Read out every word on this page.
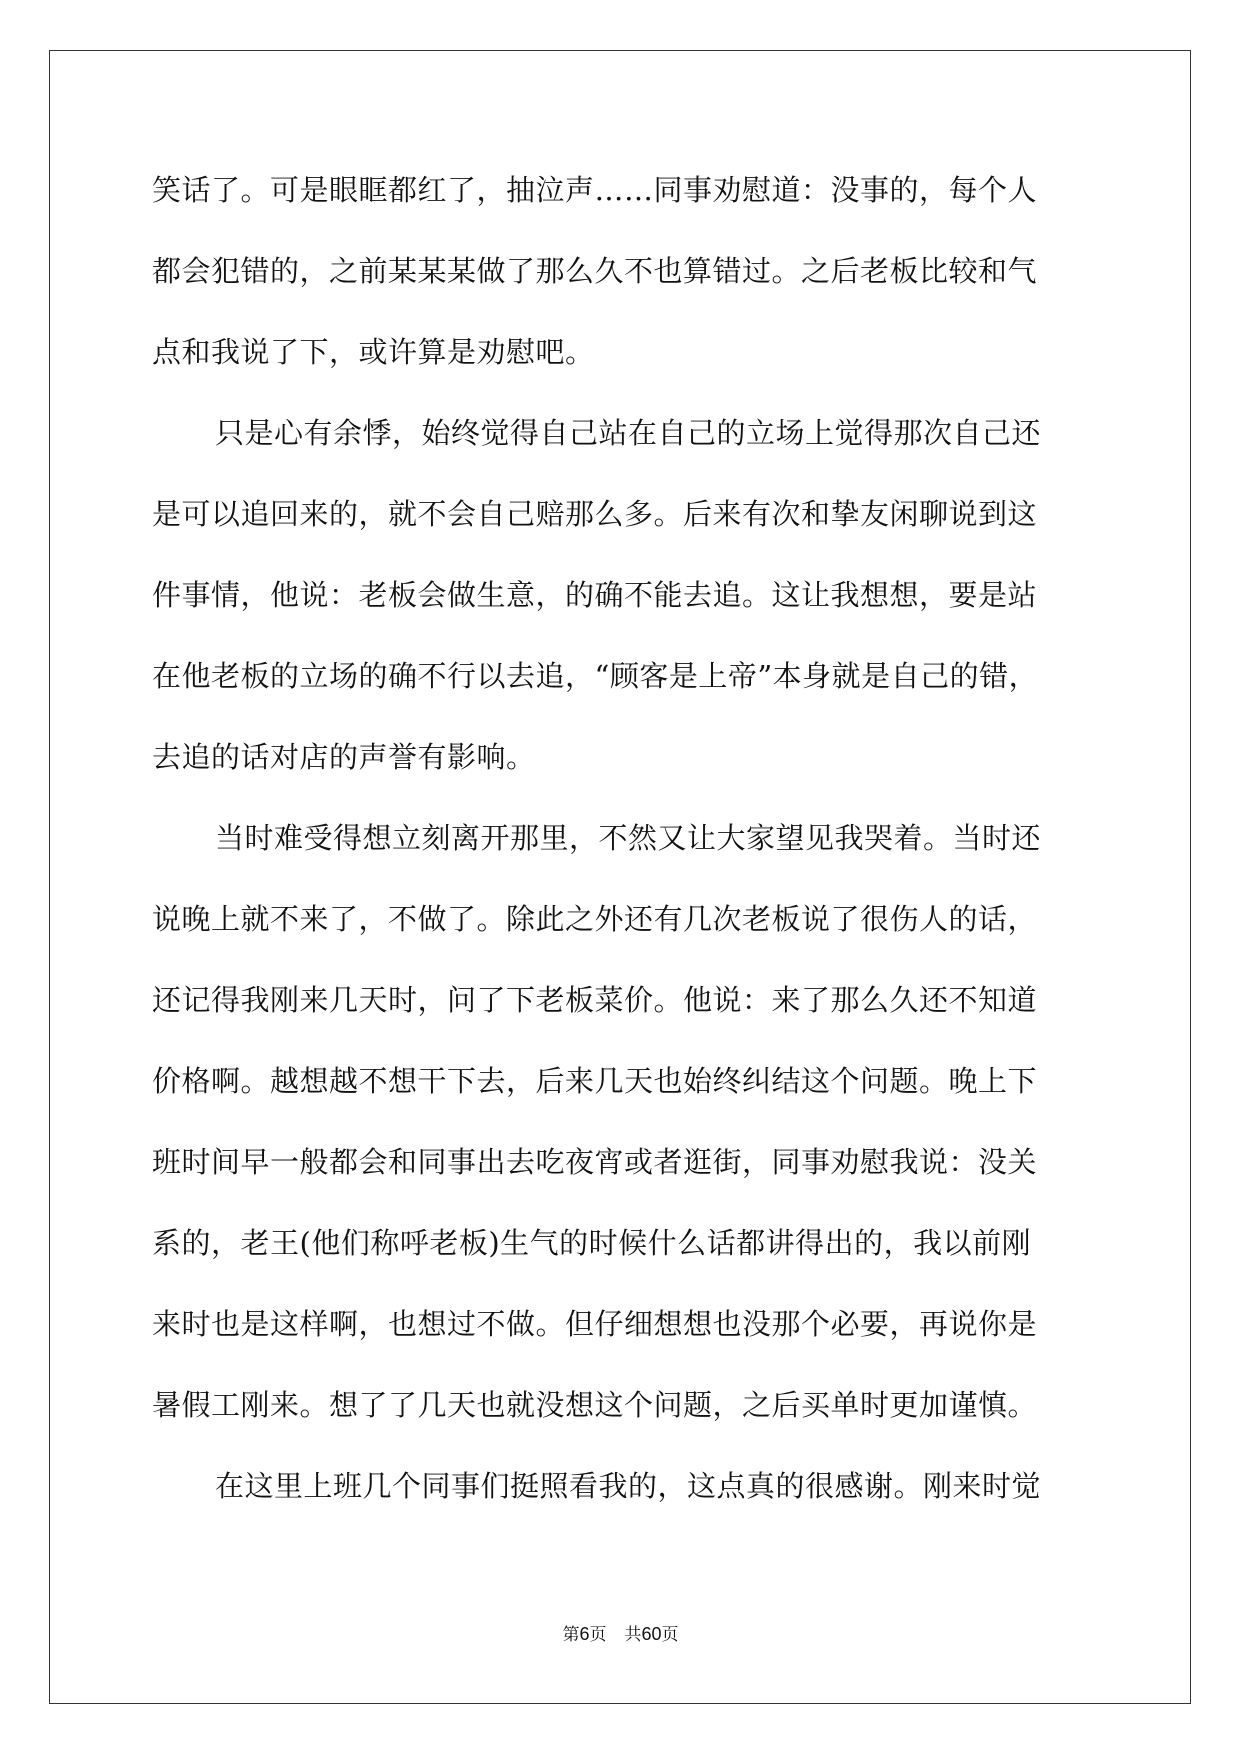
笑话了。可是眼眶都红了，抽泣声……同事劝慰道：没事的，每个人
都会犯错的，之前某某某做了那么久不也算错过。之后老板比较和气
点和我说了下，或许算是劝慰吧。
只是心有余悸，始终觉得自己站在自己的立场上觉得那次自己还
是可以追回来的，就不会自己赔那么多。后来有次和挚友闲聊说到这
件事情，他说：老板会做生意，的确不能去追。这让我想想，要是站
在他老板的立场的确不行以去追，“顾客是上帝”本身就是自己的错，
去追的话对店的声誉有影响。
当时难受得想立刻离开那里，不然又让大家望见我哭着。当时还
说晚上就不来了，不做了。除此之外还有几次老板说了很伤人的话，
还记得我刚来几天时，问了下老板菜价。他说：来了那么久还不知道
价格啊。越想越不想干下去，后来几天也始终纠结这个问题。晚上下
班时间早一般都会和同事出去吃夜宵或者逛街，同事劝慰我说：没关
系的，老王(他们称呼老板)生气的时候什么话都讲得出的，我以前刚
来时也是这样啊，也想过不做。但仔细想想也没那个必要，再说你是
暑假工刚来。想了了几天也就没想这个问题，之后买单时更加谨慎。
在这里上班几个同事们挺照看我的，这点真的很感谢。刚来时觉
第6页 共60页
